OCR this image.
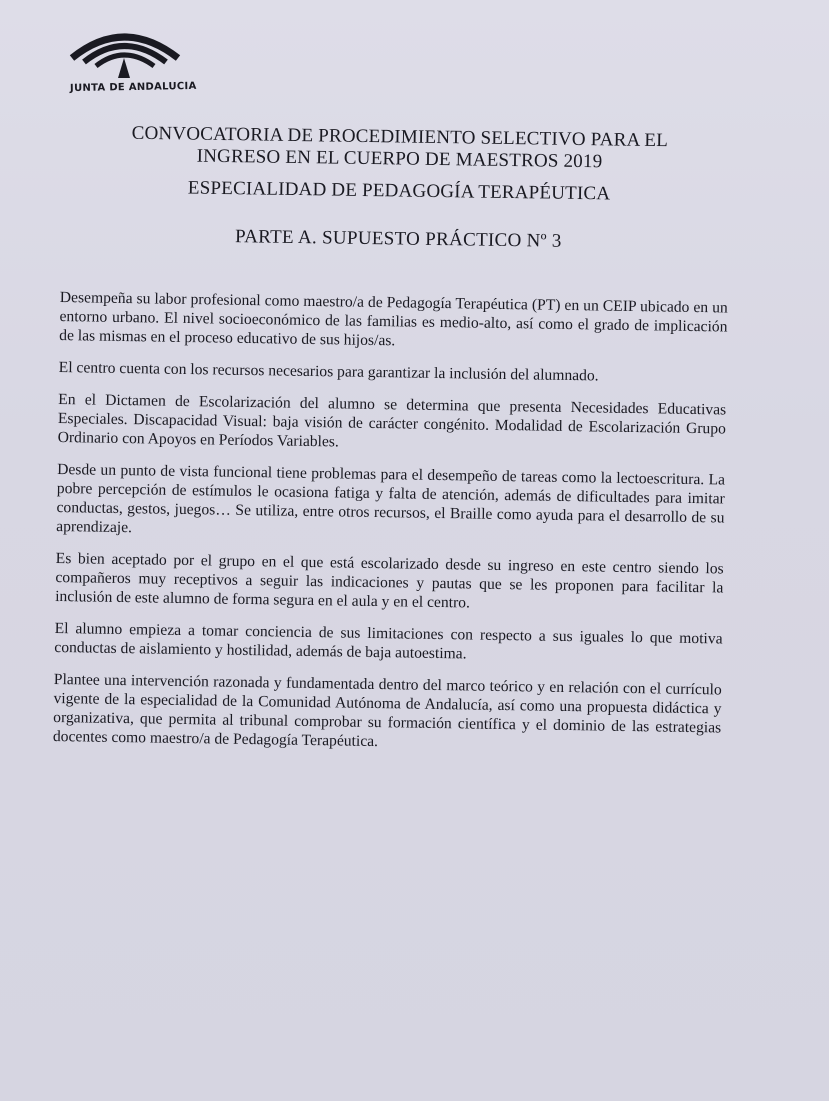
JUNTA DE ANDALUCIA
CONVOCATORIA DE PROCEDIMIENTO SELECTIVO PARA EL
INGRESO EN EL CUERPO DE MAESTROS 2019
ESPECIALIDAD DE PEDAGOGÍA TERAPÉUTICA
PARTE A. SUPUESTO PRÁCTICO Nº 3

Desempeña su labor profesional como maestro/a de Pedagogía Terapéutica (PT) en un CEIP ubicado en un entorno urbano. El nivel socioeconómico de las familias es medio-alto, así como el grado de implicación de las mismas en el proceso educativo de sus hijos/as.

El centro cuenta con los recursos necesarios para garantizar la inclusión del alumnado.

En el Dictamen de Escolarización del alumno se determina que presenta Necesidades Educativas Especiales. Discapacidad Visual: baja visión de carácter congénito. Modalidad de Escolarización Grupo Ordinario con Apoyos en Períodos Variables.

Desde un punto de vista funcional tiene problemas para el desempeño de tareas como la lectoescritura. La pobre percepción de estímulos le ocasiona fatiga y falta de atención, además de dificultades para imitar conductas, gestos, juegos… Se utiliza, entre otros recursos, el Braille como ayuda para el desarrollo de su aprendizaje.

Es bien aceptado por el grupo en el que está escolarizado desde su ingreso en este centro siendo los compañeros muy receptivos a seguir las indicaciones y pautas que se les proponen para facilitar la inclusión de este alumno de forma segura en el aula y en el centro.

El alumno empieza a tomar conciencia de sus limitaciones con respecto a sus iguales lo que motiva conductas de aislamiento y hostilidad, además de baja autoestima.

Plantee una intervención razonada y fundamentada dentro del marco teórico y en relación con el currículo vigente de la especialidad de la Comunidad Autónoma de Andalucía, así como una propuesta didáctica y organizativa, que permita al tribunal comprobar su formación científica y el dominio de las estrategias docentes como maestro/a de Pedagogía Terapéutica.
